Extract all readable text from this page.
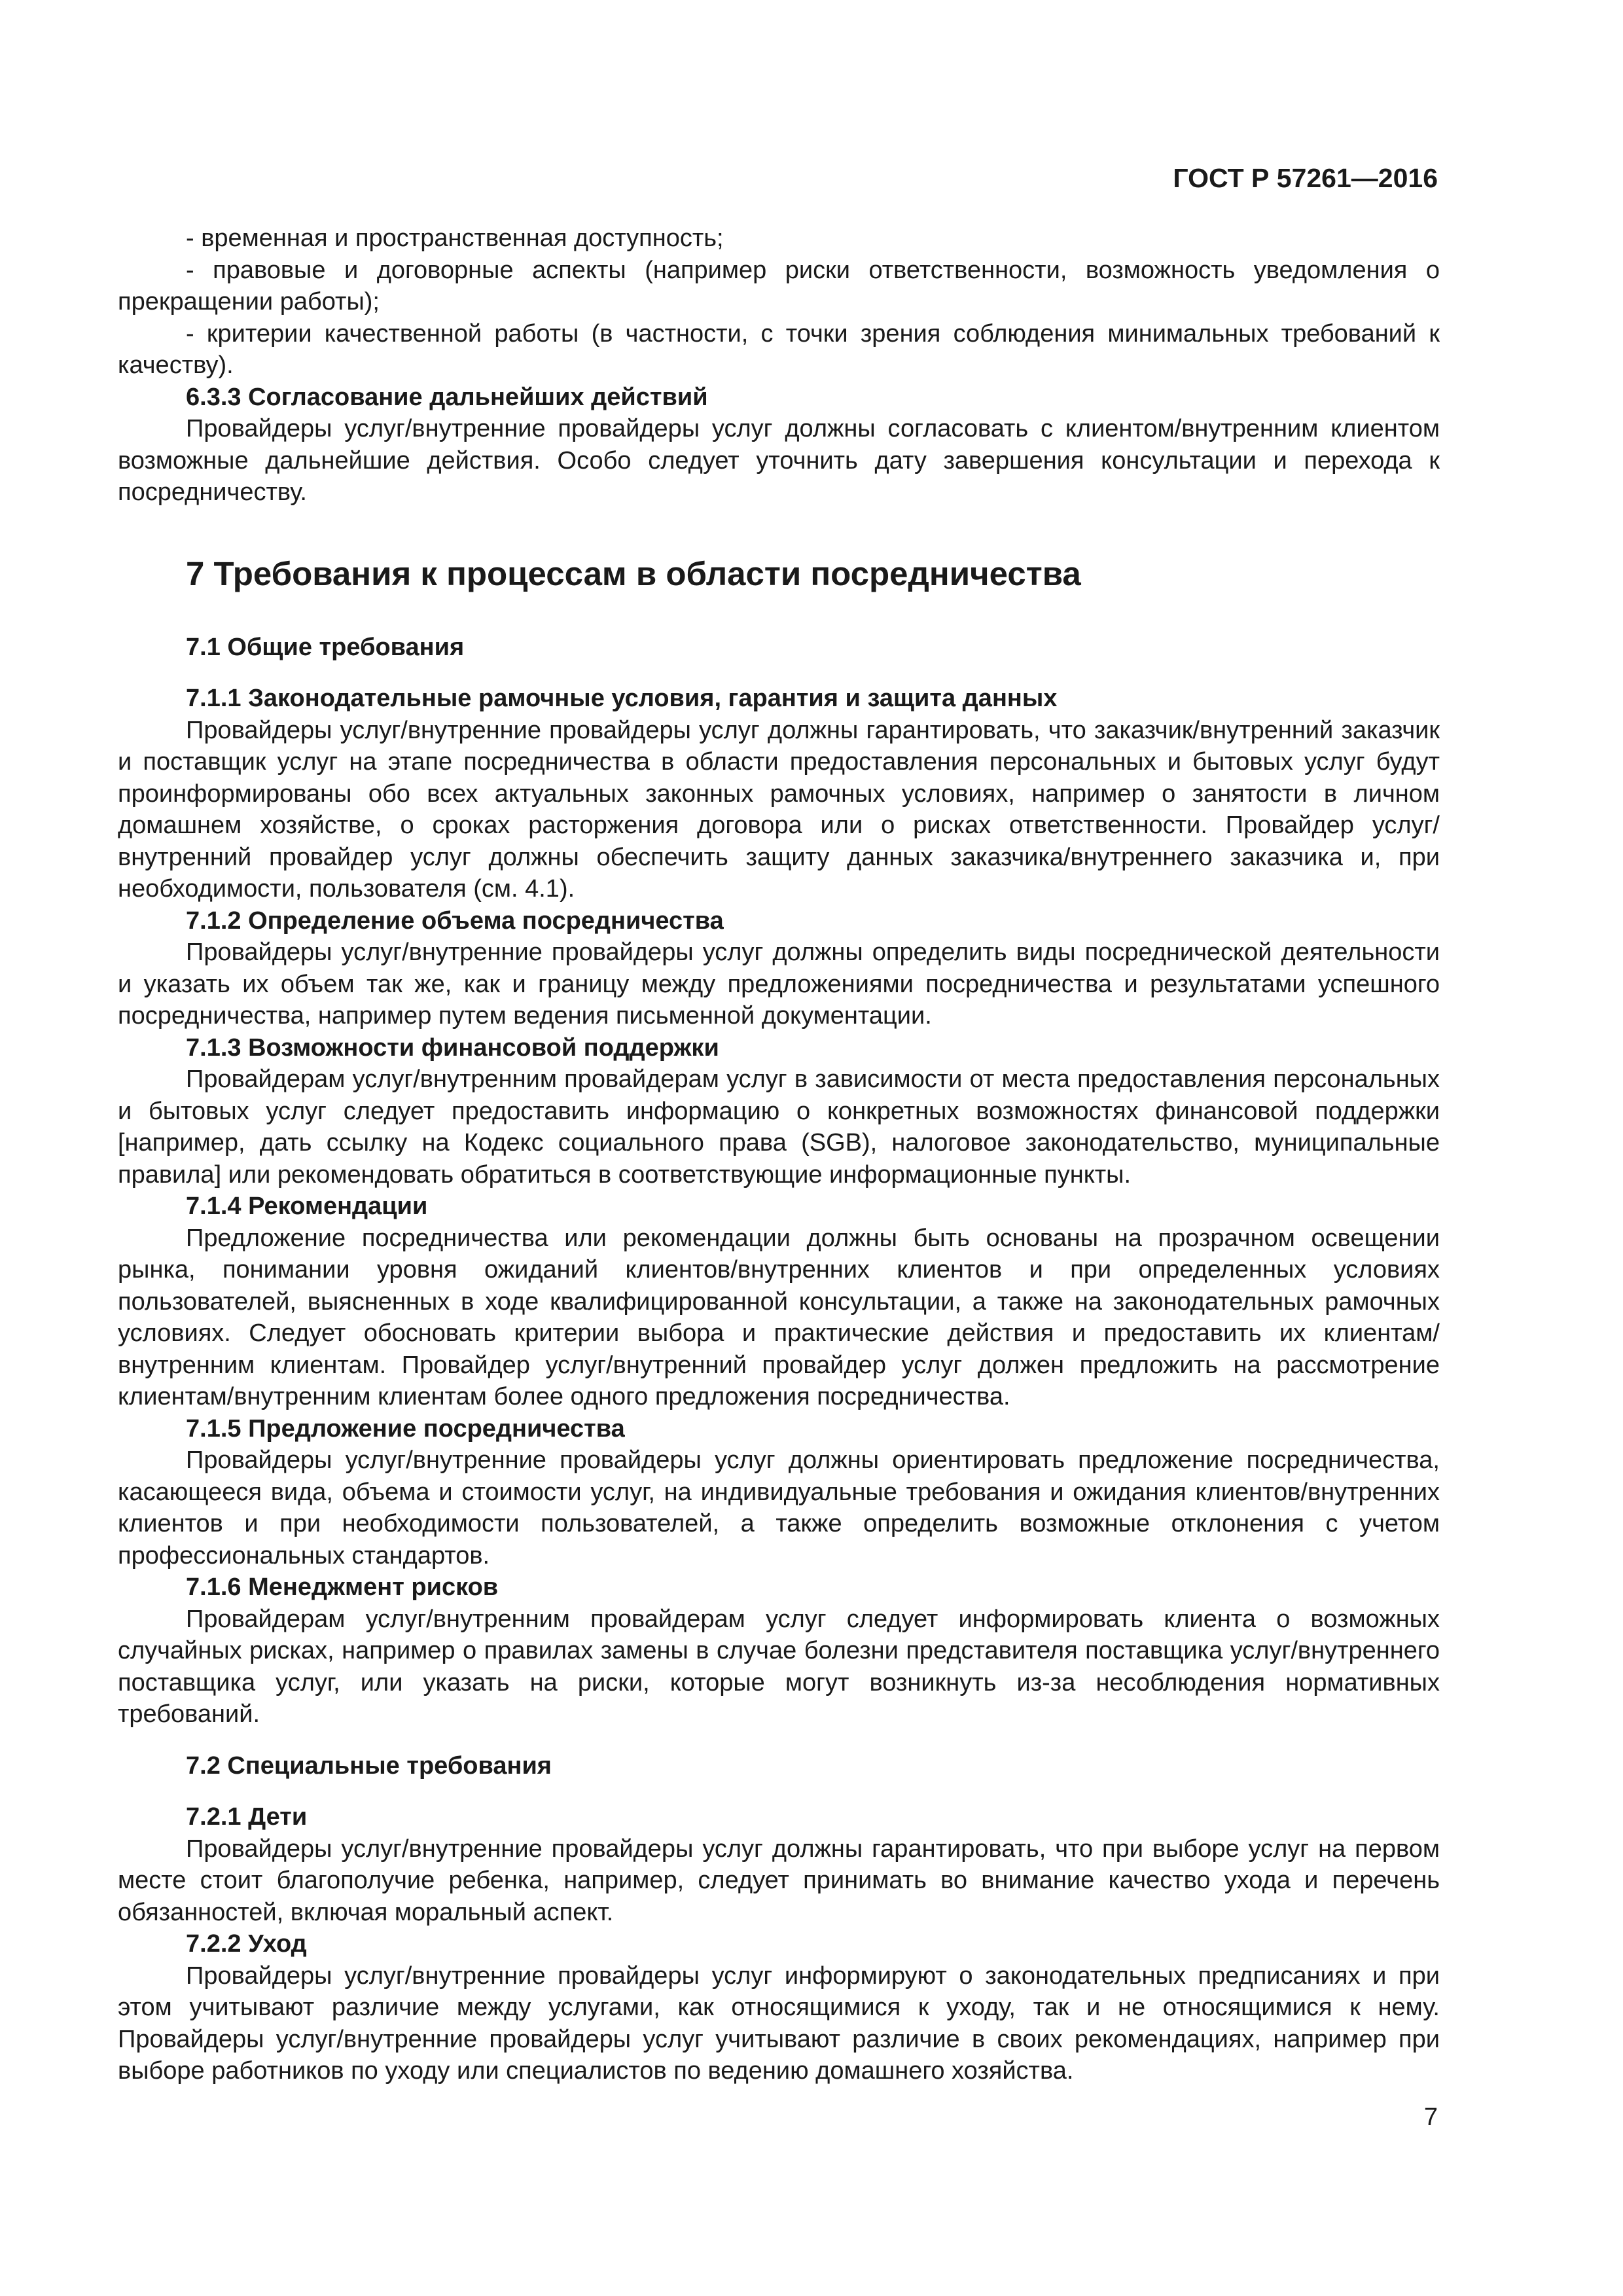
ГОСТ Р 57261—2016

- временная и пространственная доступность;

- правовые и договорные аспекты (например риски ответственности, возможность уведомления о прекращении работы);

- критерии качественной работы (в частности, с точки зрения соблюдения минимальных требований к качеству).

6.3.3 Согласование дальнейших действий

Провайдеры услуг/внутренние провайдеры услуг должны согласовать с клиентом/внутренним клиентом возможные дальнейшие действия. Особо следует уточнить дату завершения консультации и перехода к посредничеству.

7 Требования к процессам в области посредничества
7.1 Общие требования
7.1.1 Законодательные рамочные условия, гарантия и защита данных

Провайдеры услуг/внутренние провайдеры услуг должны гарантировать, что заказчик/внутренний заказчик и поставщик услуг на этапе посредничества в области предоставления персональных и бытовых услуг будут проинформированы обо всех актуальных законных рамочных условиях, например о занятости в личном домашнем хозяйстве, о сроках расторжения договора или о рисках ответственности. Провайдер услуг/внутренний провайдер услуг должны обеспечить защиту данных заказчика/внутреннего заказчика и, при необходимости, пользователя (см. 4.1).

7.1.2 Определение объема посредничества

Провайдеры услуг/внутренние провайдеры услуг должны определить виды посреднической деятельности и указать их объем так же, как и границу между предложениями посредничества и результатами успешного посредничества, например путем ведения письменной документации.

7.1.3 Возможности финансовой поддержки

Провайдерам услуг/внутренним провайдерам услуг в зависимости от места предоставления персональных и бытовых услуг следует предоставить информацию о конкретных возможностях финансовой поддержки [например, дать ссылку на Кодекс социального права (SGB), налоговое законодательство, муниципальные правила] или рекомендовать обратиться в соответствующие информационные пункты.

7.1.4 Рекомендации

Предложение посредничества или рекомендации должны быть основаны на прозрачном освещении рынка, понимании уровня ожиданий клиентов/внутренних клиентов и при определенных условиях пользователей, выясненных в ходе квалифицированной консультации, а также на законодательных рамочных условиях. Следует обосновать критерии выбора и практические действия и предоставить их клиентам/внутренним клиентам. Провайдер услуг/внутренний провайдер услуг должен предложить на рассмотрение клиентам/внутренним клиентам более одного предложения посредничества.

7.1.5 Предложение посредничества

Провайдеры услуг/внутренние провайдеры услуг должны ориентировать предложение посредничества, касающееся вида, объема и стоимости услуг, на индивидуальные требования и ожидания клиентов/внутренних клиентов и при необходимости пользователей, а также определить возможные отклонения с учетом профессиональных стандартов.

7.1.6 Менеджмент рисков

Провайдерам услуг/внутренним провайдерам услуг следует информировать клиента о возможных случайных рисках, например о правилах замены в случае болезни представителя поставщика услуг/внутреннего поставщика услуг, или указать на риски, которые могут возникнуть из-за несоблюдения нормативных требований.

7.2 Специальные требования
7.2.1 Дети

Провайдеры услуг/внутренние провайдеры услуг должны гарантировать, что при выборе услуг на первом месте стоит благополучие ребенка, например, следует принимать во внимание качество ухода и перечень обязанностей, включая моральный аспект.

7.2.2 Уход

Провайдеры услуг/внутренние провайдеры услуг информируют о законодательных предписаниях и при этом учитывают различие между услугами, как относящимися к уходу, так и не относящимися к нему. Провайдеры услуг/внутренние провайдеры услуг учитывают различие в своих рекомендациях, например при выборе работников по уходу или специалистов по ведению домашнего хозяйства.

7
